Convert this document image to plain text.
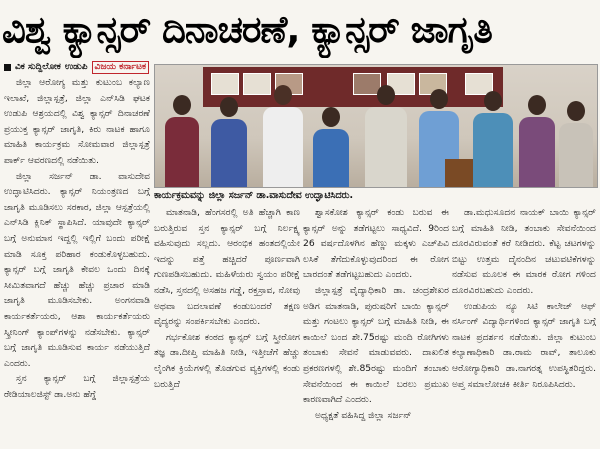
ವಿಶ್ವ ಕ್ಯಾನ್ಸರ್ ದಿನಾಚರಣೆ, ಕ್ಯಾನ್ಸರ್ ಜಾಗೃತಿ
ವಿಕ ಸುದ್ದಿಲೋಕ ಉಡುಪಿ ವಿಜಯ ಕರ್ನಾಟಕ

ಜಿಲ್ಲಾ ಆರೋಗ್ಯ ಮತ್ತು ಕುಟುಂಬ ಕಲ್ಯಾಣ ಇಲಾಖೆ, ಜಿಲ್ಲಾಸ್ಪತ್ರೆ, ಜಿಲ್ಲಾ ಎನ್‌ಸಿಡಿ ಘಟಕ ಉಡುಪಿ ಆಶ್ರಯದಲ್ಲಿ ವಿಶ್ವ ಕ್ಯಾನ್ಸರ್ ದಿನಾಚರಣೆ ಪ್ರಯುಕ್ತ ಕ್ಯಾನ್ಸರ್ ಜಾಗೃತಿ, ಕಿರು ನಾಟಕ ಹಾಗೂ ಮಾಹಿತಿ ಕಾರ್ಯಕ್ರಮ ಸೋಮವಾರ ಜಿಲ್ಲಾಸ್ಪತ್ರೆ ಪಾರ್ಕ್ ಆವರಣದಲ್ಲಿ ನಡೆಯಿತು.

ಜಿಲ್ಲಾ ಸರ್ಜನ್ ಡಾ. ವಾಸುದೇವ ಉದ್ಘಾಟಿಸಿದರು. ಕ್ಯಾನ್ಸರ್ ನಿಯಂತ್ರಣದ ಬಗ್ಗೆ ಜಾಗೃತಿ ಮೂಡಿಸಲು ಸರಕಾರ, ಜಿಲ್ಲಾ ಆಸ್ಪತ್ರೆಯಲ್ಲಿ ಎನ್‌ಸಿಡಿ ಕ್ಲಿನಿಕ್ ಸ್ಥಾಪಿಸಿದೆ. ಯಾವುದೇ ಕ್ಯಾನ್ಸರ್ ಬಗ್ಗೆ ಅನುಮಾನ ಇದ್ದಲ್ಲಿ ಇಲ್ಲಿಗೆ ಬಂದು ಪರೀಕ್ಷೆ ಮಾಡಿ ಸೂಕ್ತ ಪರಿಹಾರ ಕಂಡುಕೊಳ್ಳಬಹುದು. ಕ್ಯಾನ್ಸರ್ ಬಗ್ಗೆ ಜಾಗೃತಿ ಕೇವಲ ಒಂದು ದಿನಕ್ಕೆ ಸೀಮಿತವಾಗದೆ ಹೆಚ್ಚು ಹೆಚ್ಚು ಪ್ರಚಾರ ಮಾಡಿ ಜಾಗೃತಿ ಮೂಡಿಸಬೇಕು. ಅಂಗನವಾಡಿ ಕಾರ್ಯಕರ್ತೆಯರು, ಆಶಾ ಕಾರ್ಯಕರ್ತೆಯರು ಸ್ಕ್ರೀನಿಂಗ್ ಕ್ಯಾಂಪ್‌ಗಳನ್ನು ನಡೆಸಬೇಕು. ಕ್ಯಾನ್ಸರ್ ಬಗ್ಗೆ ಜಾಗೃತಿ ಮೂಡಿಸುವ ಕಾರ್ಯ ನಡೆಯುತ್ತಿದೆ ಎಂದರು.

ಸ್ತನ ಕ್ಯಾನ್ಸರ್ ಬಗ್ಗೆ ಜಿಲ್ಲಾಸ್ಪತ್ರೆಯ ರೇಡಿಯಾಲಜಿಸ್ಟ್ ಡಾ.ಅನು ಹೆಗ್ಡೆ

ಕಾರ್ಯಕ್ರಮವನ್ನು ಜಿಲ್ಲಾ ಸರ್ಜನ್ ಡಾ.ವಾಸುದೇವ ಉದ್ಘಾಟಿಸಿದರು.

ಮಾತನಾಡಿ, ಹೆಂಗಸರಲ್ಲಿ ಅತಿ ಹೆಚ್ಚಾಗಿ ಕಾಣ ಬರುತ್ತಿರುವ ಸ್ತನ ಕ್ಯಾನ್ಸರ್ ಬಗ್ಗೆ ನಿರ್ಲಕ್ಷ್ಯ ವಹಿಸುವುದು ಸಲ್ಲದು. ಆರಂಭಿಕ ಹಂತದಲ್ಲಿಯೇ ಇದನ್ನು ಪತ್ತೆ ಹಚ್ಚಿದರೆ ಪೂರ್ಣವಾಗಿ ಗುಣಪಡಿಸಬಹುದು. ಮಹಿಳೆಯರು ಸ್ವಯಂ ಪರೀಕ್ಷೆ ನಡೆಸಿ, ಸ್ತನದಲ್ಲಿ ಅಸಹಜ ಗಡ್ಡೆ, ರಕ್ತಸ್ರಾವ, ನೋವು ಅಥವಾ ಬದಲಾವಣೆ ಕಂಡುಬಂದರೆ ತಕ್ಷಣ ವೈದ್ಯರನ್ನು ಸಂಪರ್ಕಿಸಬೇಕು ಎಂದರು.

ಗರ್ಭಕೋಶ ಕಂಠದ ಕ್ಯಾನ್ಸರ್ ಬಗ್ಗೆ ಸ್ತ್ರೀರೋಗ ತಜ್ಞ ಡಾ.ದೀಪ್ತಿ ಮಾಹಿತಿ ನೀಡಿ, ಇತ್ತೀಚೆಗೆ ಹೆಚ್ಚು ಲೈಂಗಿಕ ಕ್ರಿಯೆಗಳಲ್ಲಿ ತೊಡಗುವ ವ್ಯಕ್ತಿಗಳಲ್ಲಿ ಕಂಡು ಬರುತ್ತಿದೆ

ಶ್ವಾಸಕೋಶ ಕ್ಯಾನ್ಸರ್ ಕಂಡು ಬರುವ ಈ ಕ್ಯಾನ್ಸರ್ ಅನ್ನು ತಡೆಗಟ್ಟಲು ಸಾಧ್ಯವಿದೆ. 9ರಿಂದ 26 ವರ್ಷದೊಳಗಿನ ಹೆಣ್ಣು ಮಕ್ಕಳು ಎಚ್‌ಪಿವಿ ಲಸಿಕೆ ತೆಗೆದುಕೊಳ್ಳುವುದರಿಂದ ಈ ರೋಗ ಬಾರದಂತೆ ತಡೆಗಟ್ಟಬಹುದು ಎಂದರು.

ಜಿಲ್ಲಾಸ್ಪತ್ರೆ ವೈದ್ಯಾಧಿಕಾರಿ ಡಾ. ಚಂದ್ರಶೇಖರ ಅಡಿಗ ಮಾತನಾಡಿ, ಪುರುಷರಿಗೆ ಬಾಯಿ ಕ್ಯಾನ್ಸರ್ ಮತ್ತು ಗಂಟಲು ಕ್ಯಾನ್ಸರ್ ಬಗ್ಗೆ ಮಾಹಿತಿ ನೀಡಿ, ಈ ಕಾಯಿಲೆ ಬಂದ ಶೇ.75ರಷ್ಟು ಮಂದಿ ರೋಗಿಗಳು ತಂಬಾಕು ಸೇವನೆ ಮಾಡುವವರು. ದಾಖಲಿತ ಪ್ರಕರಣಗಳಲ್ಲಿ ಶೇ.85ರಷ್ಟು ಮಂದಿಗೆ ತಂಬಾಕು ಸೇವನೆಯಿಂದ ಈ ಕಾಯಿಲೆ ಬರಲು ಪ್ರಮುಖ ಕಾರಣವಾಗಿದೆ ಎಂದರು.

ಅಧ್ಯಕ್ಷತೆ ವಹಿಸಿದ್ದ ಜಿಲ್ಲಾ ಸರ್ಜನ್

ಡಾ.ಮಧುಸೂದನ ನಾಯಕ್ ಬಾಯಿ ಕ್ಯಾನ್ಸರ್ ಬಗ್ಗೆ ಮಾಹಿತಿ ನೀಡಿ, ತಂಬಾಕು ಸೇವನೆಯಿಂದ ದೂರವಿರುವಂತೆ ಕರೆ ನೀಡಿದರು. ಕೆಟ್ಟ ಚಟಗಳನ್ನು ಬಿಟ್ಟು ಉತ್ತಮ ದೈನಂದಿನ ಚಟುವಟಿಕೆಗಳನ್ನು ನಡೆಸುವ ಮೂಲಕ ಈ ಮಾರಕ ರೋಗ ಗಳಿಂದ ದೂರವಿರಬಹುದು ಎಂದರು.

ಉಡುಪಿಯ ನ್ಯೂ ಸಿಟಿ ಕಾಲೇಜ್ ಆಫ್ ನರ್ಸಿಂಗ್ ವಿದ್ಯಾರ್ಥಿಗಳಿಂದ ಕ್ಯಾನ್ಸರ್ ಜಾಗೃತಿ ಬಗ್ಗೆ ನಾಟಕ ಪ್ರದರ್ಶನ ನಡೆಯಿತು. ಜಿಲ್ಲಾ ಕುಟುಂಬ ಕಲ್ಯಾಣಾಧಿಕಾರಿ ಡಾ.ರಾಮ ರಾವ್, ತಾಲೂಕು ಆರೋಗ್ಯಾಧಿಕಾರಿ ಡಾ.ನಾಗರತ್ನ ಉಪಸ್ಥಿತರಿದ್ದರು. ಅಪ್ತ ಸಮಾಲೋಚಕಿ ಕೀರ್ತಿ ನಿರೂಪಿಸಿದರು.
